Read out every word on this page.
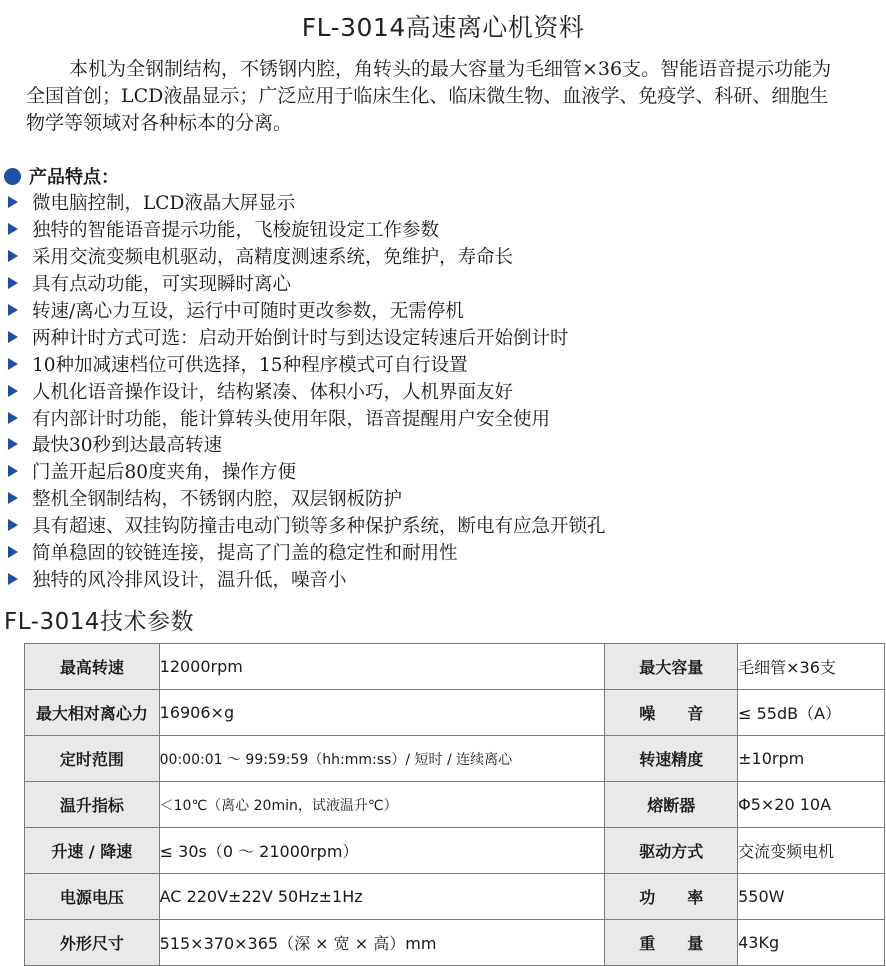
FL-3014高速离心机资料
本机为全钢制结构，不锈钢内腔，角转头的最大容量为毛细管×36支。智能语音提示功能为全国首创；LCD液晶显示；广泛应用于临床生化、临床微生物、血液学、免疫学、科研、细胞生物学等领域对各种标本的分离。
产品特点：
微电脑控制，LCD液晶大屏显示
独特的智能语音提示功能，飞梭旋钮设定工作参数
采用交流变频电机驱动，高精度测速系统，免维护，寿命长
具有点动功能，可实现瞬时离心
转速/离心力互设，运行中可随时更改参数，无需停机
两种计时方式可选：启动开始倒计时与到达设定转速后开始倒计时
10种加减速档位可供选择，15种程序模式可自行设置
人机化语音操作设计，结构紧凑、体积小巧，人机界面友好
有内部计时功能，能计算转头使用年限，语音提醒用户安全使用
最快30秒到达最高转速
门盖开起后80度夹角，操作方便
整机全钢制结构，不锈钢内腔，双层钢板防护
具有超速、双挂钩防撞击电动门锁等多种保护系统，断电有应急开锁孔
简单稳固的铰链连接，提高了门盖的稳定性和耐用性
独特的风冷排风设计，温升低，噪音小
FL-3014技术参数
最高转速	12000rpm	最大容量	毛细管×36支
最大相对离心力	16906×g	噪　　音	≤ 55dB（A）
定时范围	00:00:01 ～ 99:59:59（hh:mm:ss）/ 短时 / 连续离心	转速精度	±10rpm
温升指标	＜10℃（离心 20min，试液温升℃）	熔断器	Φ5×20 10A
升速 / 降速	≤ 30s（0 ～ 21000rpm）	驱动方式	交流变频电机
电源电压	AC 220V±22V 50Hz±1Hz	功　　率	550W
外形尺寸	515×370×365（深 × 宽 × 高）mm	重　　量	43Kg
